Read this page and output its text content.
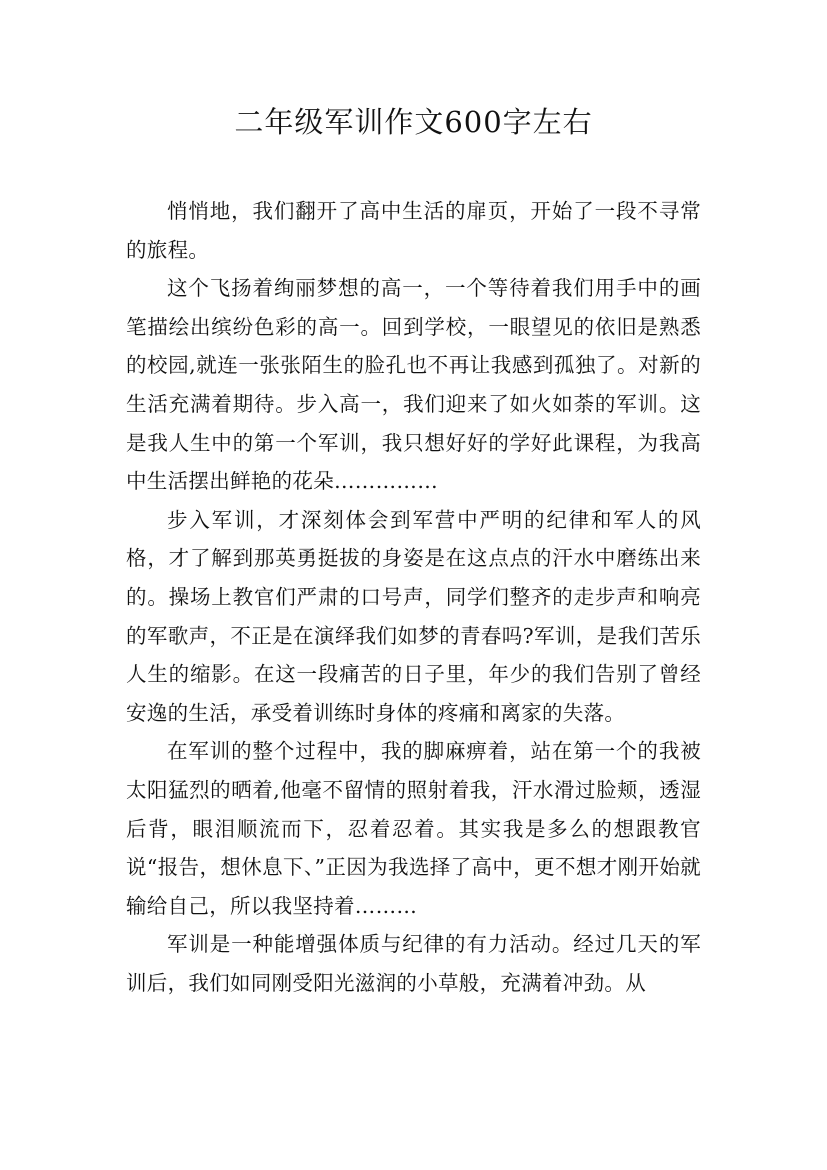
二年级军训作文600字左右

悄悄地，我们翻开了高中生活的扉页，开始了一段不寻常的旅程。

这个飞扬着绚丽梦想的高一，一个等待着我们用手中的画笔描绘出缤纷色彩的高一。回到学校，一眼望见的依旧是熟悉的校园,就连一张张陌生的脸孔也不再让我感到孤独了。对新的生活充满着期待。步入高一，我们迎来了如火如荼的军训。这是我人生中的第一个军训，我只想好好的学好此课程，为我高中生活摆出鲜艳的花朵……………

步入军训，才深刻体会到军营中严明的纪律和军人的风格，才了解到那英勇挺拔的身姿是在这点点的汗水中磨练出来的。操场上教官们严肃的口号声，同学们整齐的走步声和响亮的军歌声，不正是在演绎我们如梦的青春吗?军训，是我们苦乐人生的缩影。在这一段痛苦的日子里，年少的我们告别了曾经安逸的生活，承受着训练时身体的疼痛和离家的失落。

在军训的整个过程中，我的脚麻痹着，站在第一个的我被太阳猛烈的晒着,他毫不留情的照射着我，汗水滑过脸颊，透湿后背，眼泪顺流而下，忍着忍着。其实我是多么的想跟教官说“报告，想休息下、”正因为我选择了高中，更不想才刚开始就输给自己，所以我坚持着………

军训是一种能增强体质与纪律的有力活动。经过几天的军训后，我们如同刚受阳光滋润的小草般，充满着冲劲。从
